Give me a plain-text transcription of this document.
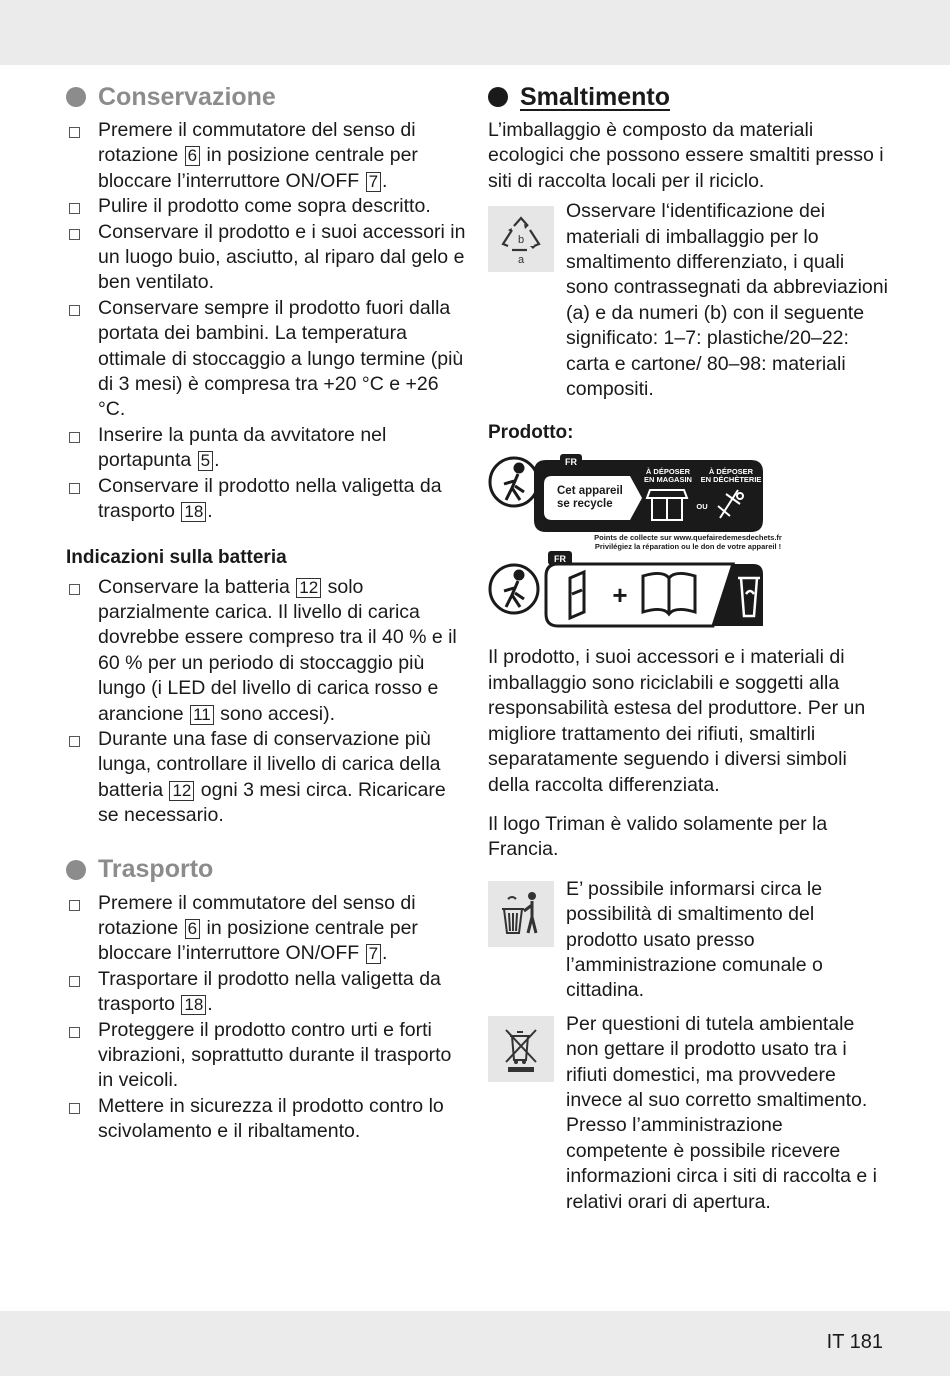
Conservazione
Premere il commutatore del senso di rotazione 6 in posizione centrale per bloccare l’interruttore ON/OFF 7 .
Pulire il prodotto come sopra descritto.
Conservare il prodotto e i suoi accessori in un luogo buio, asciutto, al riparo dal gelo e ben ventilato.
Conservare sempre il prodotto fuori dalla portata dei bambini. La temperatura ottimale di stoccaggio a lungo termine (più di 3 mesi) è compresa tra +20 °C e +26 °C.
Inserire la punta da avvitatore nel portapunta 5 .
Conservare il prodotto nella valigetta da trasporto 18 .
Indicazioni sulla batteria
Conservare la batteria 12 solo parzialmente carica. Il livello di carica dovrebbe essere compreso tra il 40 % e il 60 % per un periodo di stoccaggio più lungo (i LED del livello di carica rosso e arancione 11 sono accesi).
Durante una fase di conservazione più lunga, controllare il livello di carica della batteria 12 ogni 3 mesi circa. Ricaricare se necessario.
Trasporto
Premere il commutatore del senso di rotazione 6 in posizione centrale per bloccare l’interruttore ON/OFF 7 .
Trasportare il prodotto nella valigetta da trasporto 18 .
Proteggere il prodotto contro urti e forti vibrazioni, soprattutto durante il trasporto in veicoli.
Mettere in sicurezza il prodotto contro lo scivolamento e il ribaltamento.
Smaltimento

L’imballaggio è composto da materiali ecologici che possono essere smaltiti presso i siti di raccolta locali per il riciclo.

b
a
Osservare l‘identificazione dei materiali di imballaggio per lo smaltimento differenziato, i quali sono contrassegnati da abbreviazioni (a) e da numeri (b) con il seguente significato: 1–7: plastiche/20–22: carta e cartone/ 80–98: materiali compositi.
Prodotto:
FR
Cet appareil
se recycle
À DÉPOSER
EN MAGASIN
À DÉPOSER
EN DÉCHÈTERIE
OU
Points de collecte sur www.quefairedemesdechets.fr
Privilégiez la réparation ou le don de votre appareil !
FR
+

Il prodotto, i suoi accessori e i materiali di imballaggio sono riciclabili e soggetti alla responsabilità estesa del produttore. Per un migliore trattamento dei rifiuti, smaltirli separatamente seguendo i diversi simboli della raccolta differenziata.

Il logo Triman è valido solamente per la Francia.

E’ possibile informarsi circa le possibilità di smaltimento del prodotto usato presso l’amministrazione comunale o cittadina.
Per questioni di tutela ambientale non gettare il prodotto usato tra i rifiuti domestici, ma provvedere invece al suo corretto smaltimento. Presso l’amministrazione competente è possibile ricevere informazioni circa i siti di raccolta e i relativi orari di apertura.
IT 181
